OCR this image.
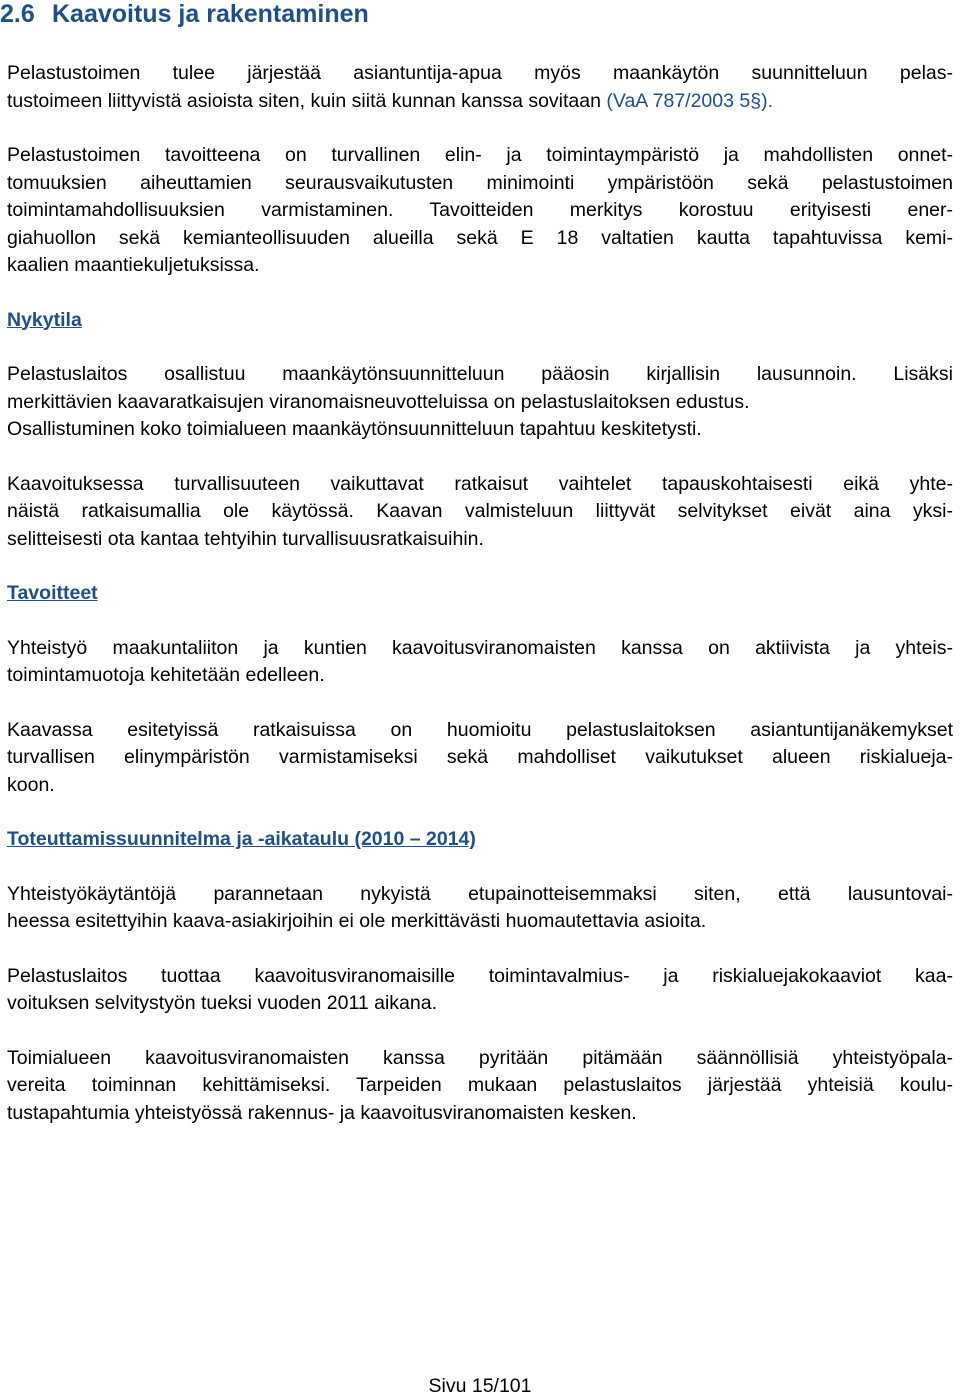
2.6 Kaavoitus ja rakentaminen

Pelastustoimen tulee järjestää asiantuntija-apua myös maankäytön suunnitteluun pelas-
tustoimeen liittyvistä asioista siten, kuin siitä kunnan kanssa sovitaan (VaA 787/2003 5§).

Pelastustoimen tavoitteena on turvallinen elin- ja toimintaympäristö ja mahdollisten onnet-
tomuuksien aiheuttamien seurausvaikutusten minimointi ympäristöön sekä pelastustoimen
toimintamahdollisuuksien varmistaminen. Tavoitteiden merkitys korostuu erityisesti ener-
giahuollon sekä kemianteollisuuden alueilla sekä E 18 valtatien kautta tapahtuvissa kemi-
kaalien maantiekuljetuksissa.

Nykytila

Pelastuslaitos osallistuu maankäytönsuunnitteluun pääosin kirjallisin lausunnoin. Lisäksi
merkittävien kaavaratkaisujen viranomaisneuvotteluissa on pelastuslaitoksen edustus.
Osallistuminen koko toimialueen maankäytönsuunnitteluun tapahtuu keskitetysti.

Kaavoituksessa turvallisuuteen vaikuttavat ratkaisut vaihtelet tapauskohtaisesti eikä yhte-
näistä ratkaisumallia ole käytössä. Kaavan valmisteluun liittyvät selvitykset eivät aina yksi-
selitteisesti ota kantaa tehtyihin turvallisuusratkaisuihin.

Tavoitteet

Yhteistyö maakuntaliiton ja kuntien kaavoitusviranomaisten kanssa on aktiivista ja yhteis-
toimintamuotoja kehitetään edelleen.

Kaavassa esitetyissä ratkaisuissa on huomioitu pelastuslaitoksen asiantuntijanäkemykset
turvallisen elinympäristön varmistamiseksi sekä mahdolliset vaikutukset alueen riskialueja-
koon.

Toteuttamissuunnitelma ja -aikataulu (2010 – 2014)

Yhteistyökäytäntöjä parannetaan nykyistä etupainotteisemmaksi siten, että lausuntovai-
heessa esitettyihin kaava-asiakirjoihin ei ole merkittävästi huomautettavia asioita.

Pelastuslaitos tuottaa kaavoitusviranomaisille toimintavalmius- ja riskialuejakokaaviot kaa-
voituksen selvitystyön tueksi vuoden 2011 aikana.

Toimialueen kaavoitusviranomaisten kanssa pyritään pitämään säännöllisiä yhteistyöpala-
vereita toiminnan kehittämiseksi. Tarpeiden mukaan pelastuslaitos järjestää yhteisiä koulu-
tustapahtumia yhteistyössä rakennus- ja kaavoitusviranomaisten kesken.

Sivu 15/101
